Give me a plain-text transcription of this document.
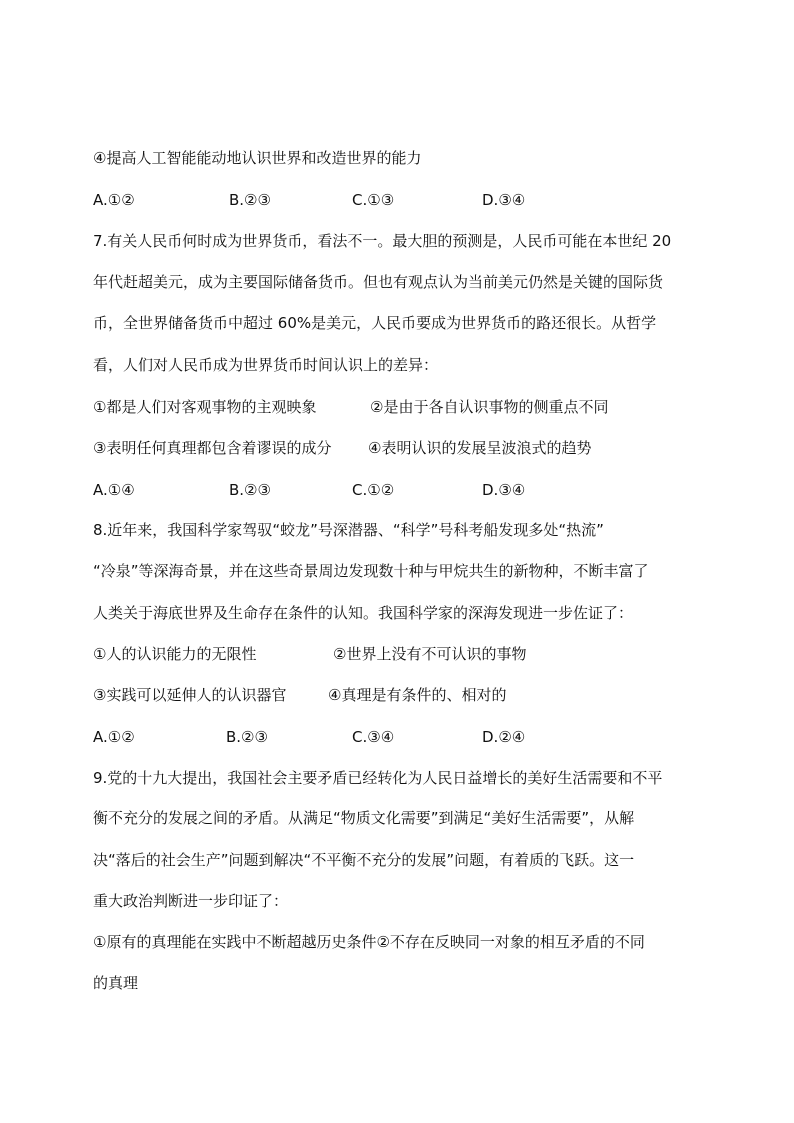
④提高人工智能能动地认识世界和改造世界的能力
A.①②	B.②③	C.①③	D.③④
7.有关人民币何时成为世界货币，看法不一。最大胆的预测是，人民币可能在本世纪 20
年代赶超美元，成为主要国际储备货币。但也有观点认为当前美元仍然是关键的国际货
币，全世界储备货币中超过 60%是美元，人民币要成为世界货币的路还很长。从哲学
看，人们对人民币成为世界货币时间认识上的差异：
①都是人们对客观事物的主观映象	②是由于各自认识事物的侧重点不同
③表明任何真理都包含着谬误的成分 ④表明认识的发展呈波浪式的趋势
A.①④	B.②③	C.①②	D.③④
8.近年来，我国科学家驾驭“蛟龙”号深潜器、“科学”号科考船发现多处“热流”
“冷泉”等深海奇景，并在这些奇景周边发现数十种与甲烷共生的新物种，不断丰富了
人类关于海底世界及生命存在条件的认知。我国科学家的深海发现进一步佐证了：
①人的认识能力的无限性	②世界上没有不可认识的事物
③实践可以延伸人的认识器官	④真理是有条件的、相对的
A.①②	B.②③	C.③④	D.②④
9.党的十九大提出，我国社会主要矛盾已经转化为人民日益增长的美好生活需要和不平
衡不充分的发展之间的矛盾。从满足“物质文化需要”到满足“美好生活需要”，从解
决“落后的社会生产”问题到解决“不平衡不充分的发展”问题，有着质的飞跃。这一
重大政治判断进一步印证了：
①原有的真理能在实践中不断超越历史条件②不存在反映同一对象的相互矛盾的不同
的真理
